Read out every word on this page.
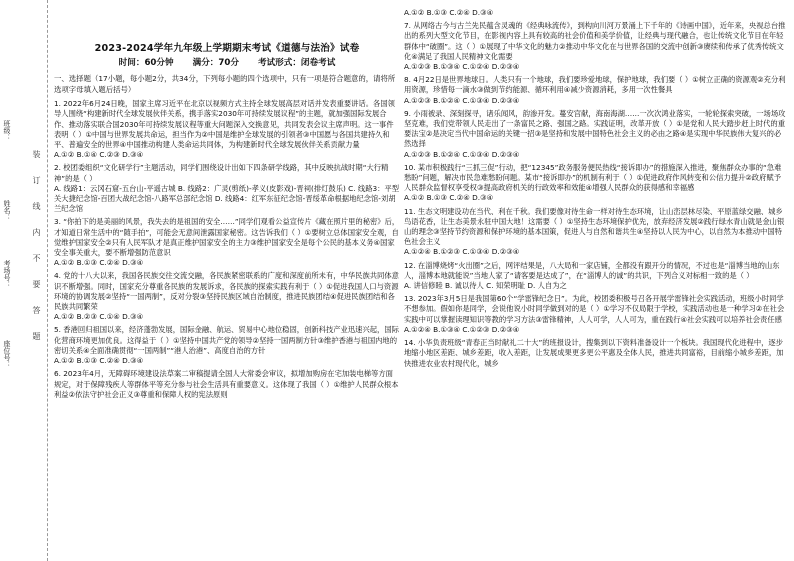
班级：
姓名：
考场号：
座位号：	装订线内不要答题
2023-2024学年九年级上学期期末考试《道德与法治》试卷
时间：60分钟 满分：70分 考试形式：闭卷考试
一、选择题（17小题，每小题2分，共34分，下列每小题的四个选项中，只有一项是符合题意的，请将所选项字母填入题后括号）

1. 2022年6月24日晚，国家主席习近平在北京以视频方式主持全球发展高层对话并发表重要讲话。各国领导人围绕“构建新时代全球发展伙伴关系，携手落实2030年可持续发展议程”的主题，就加强国际发展合作、推动落实联合国2030年可持续发展议程等重大问题深入交换意见，共同发表会议主席声明。这一事件表明（ ）①中国与世界发展共命运，担当作为②中国是维护全球发展的引领者③中国愿与各国共建持久和平、普遍安全的世界④中国推动构建人类命运共同体，为构建新时代全球发展伙伴关系贡献力量

A.①② B.①④ C.②③ D.③④

2. 校团委组织“文化研学行”主题活动，同学们围绕设计出如下四条研学线路，其中反映抗战时期“大行精神”的是（ ）

A. 线路1：云冈石窟-五台山-平遥古城 B. 线路2：广灵(剪纸)-孝义(皮影戏)-晋祠(排灯鼓乐) C. 线路3：平型关大捷纪念馆-百团大战纪念馆-八路军总部纪念馆 D. 线路4：红军东征纪念馆-晋绥革命根据地纪念馆-刘胡兰纪念馆

3. “你拍下的是美丽的风景，我失去的是祖国的安全……”同学们观看公益宣传片《藏在照片里的秘密》后，才知道日常生活中的“随手拍”，可能会无意间泄露国家秘密。这告诉我们（ ）①要树立总体国家安全观，自觉维护国家安全②只有人民军队才是真正维护国家安全的主力③维护国家安全是每个公民的基本义务④国家安全事关重大，要不断增强防范意识

A.①② B.①③ C.②④ D.③④

4. 党的十八大以来，我国各民族交往交流交融，各民族紧密联系的广度和深度前所未有，中华民族共同体意识不断增强。同时，国家充分尊重各民族的发展诉求，各民族的探索实践有利于（ ）①促进我国人口与资源环境的协调发展②坚持“一国两制”，反对分裂③坚持民族区域自治制度，推进民族团结④促进民族团结和各民族共同繁荣

A.①② B.②③ C.①④ D.③④

5. 香港回归祖国以来，经济蓬勃发展，国际金融、航运、贸易中心地位稳固，创新科技产业迅速兴起，国际化营商环境更加优良。这得益于（ ）①坚持中国共产党的领导②坚持一国两制方针③维护香港与祖国内地的密切关系④全面准确贯彻“一国两制”“港人治港”、高度自治的方针

A.①② B.①③ C.②④ D.③④

6. 2023年4月，无障碍环境建设法草案二审稿提请全国人大常委会审议，拟增加购房在宅加装电梯等方面规定，对于保障残疾人等群体平等充分参与社会生活具有重要意义。这体现了我国（ ）①维护人民群众根本利益②依法守护社会正义③尊重和保障人权的宪法原则

A.①② B.①③ C.②④ D.③④

7. 从网络古今与古兰先民蕴含灵魂的《经典咏流传》，到构向川河万景涌上下千年的《诗画中国》，近年来，央视总台推出的系列大型文化节目，在影视内容上具有较高的社会价值和美学价值，让经典与现代融合，也让传统文化节目在年轻群体中“破圈”。这（ ）①展现了中华文化的魅力②推动中华文化在与世界各国的交流中创新③赓续和传承了优秀传统文化④满足了我国人民精神文化需要

A.①②③ B.①③④ C.①②④ D.②③④

8. 4月22日是世界地球日。人类只有一个地球，我们要珍爱地球，保护地球，我们要（ ）①树立正确的资源观②充分利用资源，珍惜每一滴水③做到节约能源、循环利用④减少资源消耗，多用一次性餐具

A.①②③ B.①②④ C.①③④ D.②③④

9. 小雨被录、深刻探寻，诸乐闻风，韵渗开发。蔓安宫献，海南海湖……一次次鸿业落实，一轮轮探索突破，一场场攻坚克难，我们党带领人民走出了一条富民之路、强国之路。实践证明，改革开放（ ）①是党和人民大踏步赶上时代的重要法宝②是决定当代中国命运的关键一招③是坚持和发展中国特色社会主义的必由之路④是实现中华民族伟大复兴的必然选择

A.①②③ B.①②④ C.①③④ D.②③④

10. 某市积极践行“三抓三促”行动，把“12345”政务服务便民热线“接诉即办”的措施深入推进，聚焦群众办事的“急难愁盼”问题，解决市民急难愁盼问题。某市“接诉即办”的机制有利于（ ）①促进政府作风转变和公信力提升②政府赋予人民群众监督权享受权③提高政府机关的行政效率和效能④增强人民群众的获得感和幸福感

A.①② B.①③ C.②④ D.③④

11. 生态文明建设功在当代、利在千秋。我们要像对待生命一样对待生态环境，让山峦层林尽染、平原蓝绿交融、城乡鸟语花香，让生态美景永驻中国大地！这需要（ ）①坚持生态环境保护优先，放弃经济发展②践行绿水青山就是金山银山的理念③坚持节约资源和保护环境的基本国策，促进人与自然和谐共生④坚持以人民为中心，以自然为本推动中国特色社会主义

A.①②④ B.①②③ C.①③④ D.②③④

12. 在淄博烧烤“火出圈”之后，网评结果是，八大局和一家店铺，全都没有跟开分的情况，不过也是“淄博当地的山东人，淄博本地就能说”当地人家了“请客要是达成了”，在“淄博人的诚”的共识，下列合义对标相一致的是（ ）

A. 讲信修睦 B. 诚以待人 C. 知荣明耻 D. 人自为之

13. 2023年3月5日是我国第60个“学雷锋纪念日”。为此，校团委积极号召各开展学雷锋社会实践活动，班级小时同学不想参加。假如你是同学，会说他说小时同学做到对的是（ ）①学习不仅局限于学校，实践活动也是一种学习②在社会实践中可以掌握读理知识等教的学习方法③雷锋精神，人人可学，人人可为，重在践行④社会实践可以培养社会责任感

A.①②④ B.①③④ C.①②③ D.②③④

14. 小华负责班级“青春正当时献礼二十大”的班报设计，搜集到以下资料准备设计一个板块。我国现代化进程中，逐步地缩小地区差距、城乡差距，收入差距，让发展成果更多更公平惠及全体人民，推进共同富裕，目前缩小城乡差距，加快推进农业农村现代化，城乡
